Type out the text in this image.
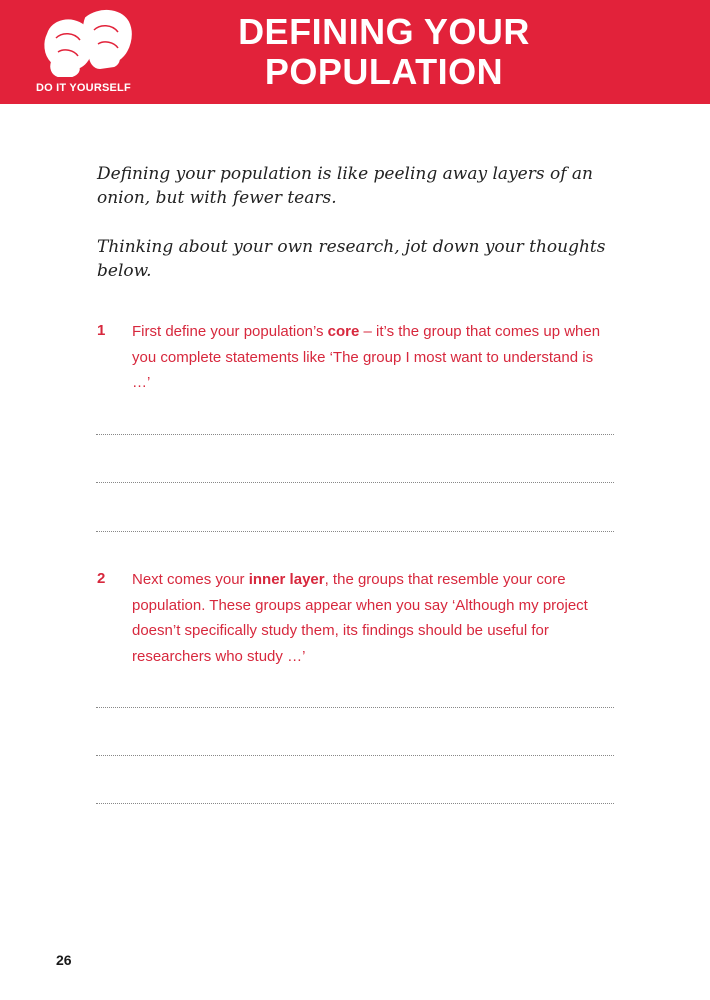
DO IT YOURSELF
DEFINING YOUR
POPULATION
Defining your population is like peeling away layers of an onion, but with fewer tears.
Thinking about your own research, jot down your thoughts below.
1 First define your population’s core – it’s the group that comes up when you complete statements like ‘The group I most want to understand is …’
2 Next comes your inner layer, the groups that resemble your core population. These groups appear when you say ‘Although my project doesn’t specifically study them, its findings should be useful for researchers who study …’
26
